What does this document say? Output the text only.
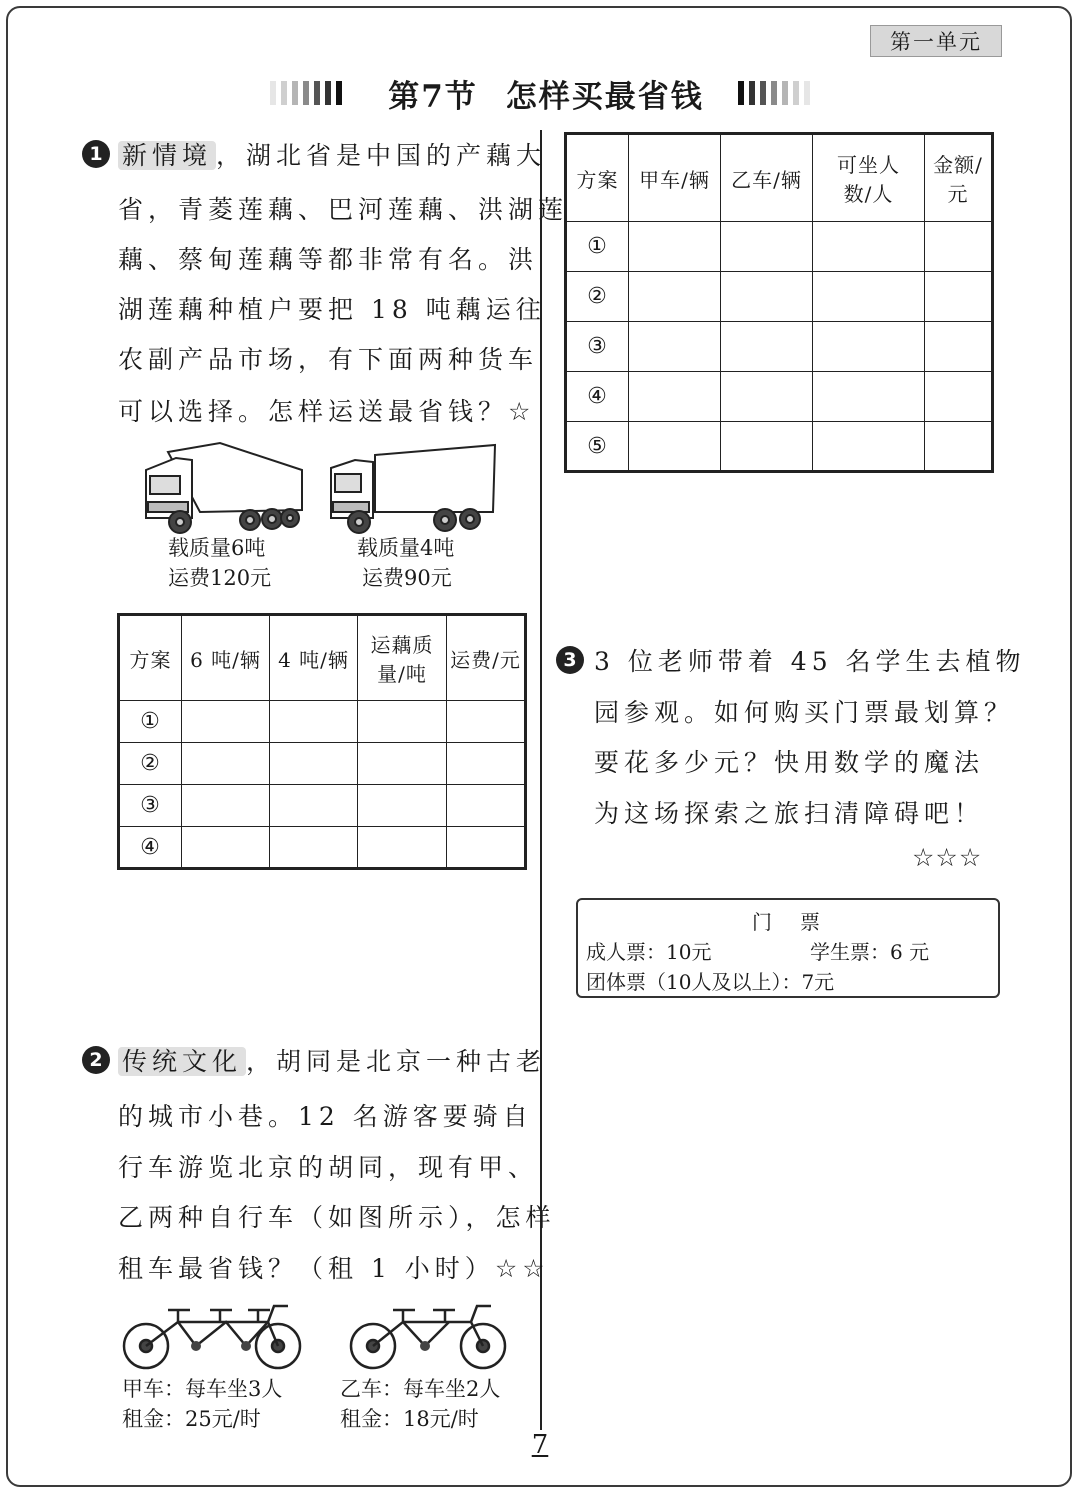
第一单元
第7节 怎样买最省钱
1 新情境 ，湖北省是中国的产藕大
省，青菱莲藕、巴河莲藕、洪湖莲
藕、蔡甸莲藕等都非常有名。洪
湖莲藕种植户要把 18 吨藕运往
农副产品市场，有下面两种货车
可以选择。怎样运送最省钱？☆
载质量6吨
运费120元
载质量4吨
运费90元
方案	6 吨/辆	4 吨/辆	运藕质量/吨	运费/元
①				
②				
③				
④				
2 传统文化 ，胡同是北京一种古老
的城市小巷。12 名游客要骑自
行车游览北京的胡同，现有甲、
乙两种自行车（如图所示），怎样
租车最省钱？（租 1 小时）☆☆
甲车：每车坐3人
租金：25元/时
乙车：每车坐2人
租金：18元/时
方案	甲车/辆	乙车/辆	可坐人数/人	金额/元
①				
②				
③				
④				
⑤				
3 3 位老师带着 45 名学生去植物
园参观。如何购买门票最划算？
要花多少元？快用数学的魔法
为这场探索之旅扫清障碍吧！
☆☆☆
门　票
成人票：10元	学生票：6 元
团体票（10人及以上）：7元
7
